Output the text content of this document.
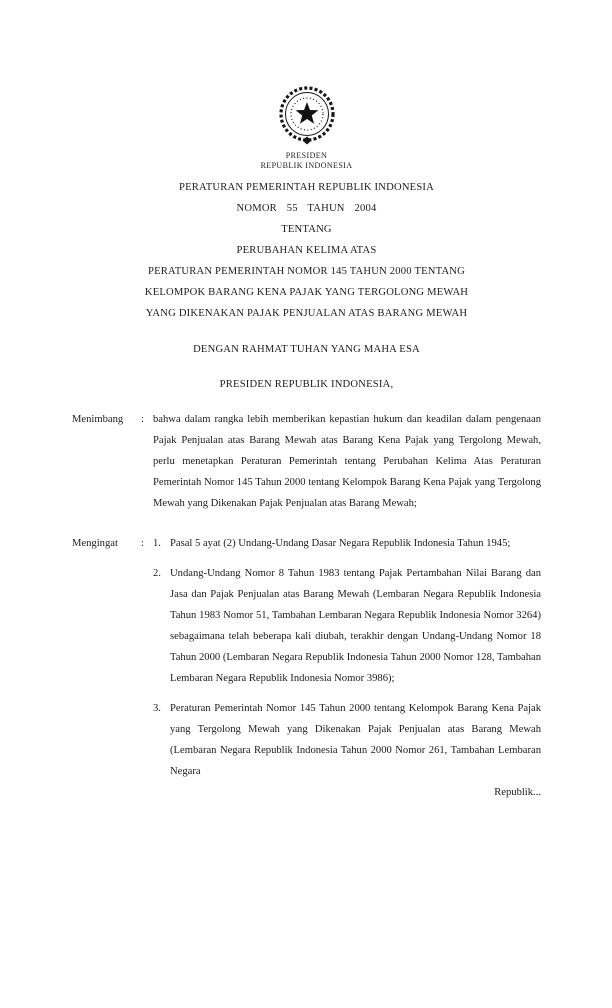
PRESIDEN
REPUBLIK INDONESIA
PERATURAN PEMERINTAH REPUBLIK INDONESIA
NOMOR 55 TAHUN 2004
TENTANG
PERUBAHAN KELIMA ATAS
PERATURAN PEMERINTAH NOMOR 145 TAHUN 2000 TENTANG
KELOMPOK BARANG KENA PAJAK YANG TERGOLONG MEWAH
YANG DIKENAKAN PAJAK PENJUALAN ATAS BARANG MEWAH
DENGAN RAHMAT TUHAN YANG MAHA ESA
PRESIDEN REPUBLIK INDONESIA,
Menimbang	: bahwa dalam rangka lebih memberikan kepastian hukum dan keadilan dalam pengenaan Pajak Penjualan atas Barang Mewah atas Barang Kena Pajak yang Tergolong Mewah, perlu menetapkan Peraturan Pemerintah tentang Perubahan Kelima Atas Peraturan Pemerintah Nomor 145 Tahun 2000 tentang Kelompok Barang Kena Pajak yang Tergolong Mewah yang Dikenakan Pajak Penjualan atas Barang Mewah;
Mengingat	: 1. Pasal 5 ayat (2) Undang-Undang Dasar Negara Republik Indonesia Tahun 1945;
2. Undang-Undang Nomor 8 Tahun 1983 tentang Pajak Pertambahan Nilai Barang dan Jasa dan Pajak Penjualan atas Barang Mewah (Lembaran Negara Republik Indonesia Tahun 1983 Nomor 51, Tambahan Lembaran Negara Republik Indonesia Nomor 3264) sebagaimana telah beberapa kali diubah, terakhir dengan Undang-Undang Nomor 18 Tahun 2000 (Lembaran Negara Republik Indonesia Tahun 2000 Nomor 128, Tambahan Lembaran Negara Republik Indonesia Nomor 3986);
3. Peraturan Pemerintah Nomor 145 Tahun 2000 tentang Kelompok Barang Kena Pajak yang Tergolong Mewah yang Dikenakan Pajak Penjualan atas Barang Mewah (Lembaran Negara Republik Indonesia Tahun 2000 Nomor 261, Tambahan Lembaran Negara
Republik...
